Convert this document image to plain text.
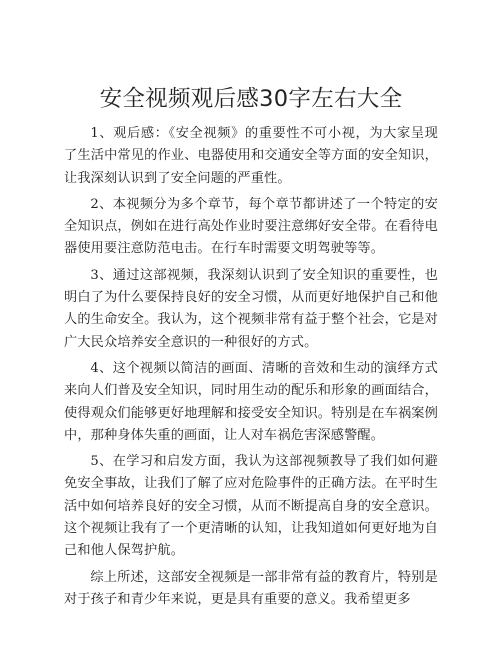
安全视频观后感30字左右大全

1、观后感：《安全视频》的重要性不可小视，为大家呈现了生活中常见的作业、电器使用和交通安全等方面的安全知识，让我深刻认识到了安全问题的严重性。

2、本视频分为多个章节，每个章节都讲述了一个特定的安全知识点，例如在进行高处作业时要注意绑好安全带。在看待电器使用要注意防范电击。在行车时需要文明驾驶等等。

3、通过这部视频，我深刻认识到了安全知识的重要性，也明白了为什么要保持良好的安全习惯，从而更好地保护自己和他人的生命安全。我认为，这个视频非常有益于整个社会，它是对广大民众培养安全意识的一种很好的方式。

4、这个视频以简洁的画面、清晰的音效和生动的演绎方式来向人们普及安全知识，同时用生动的配乐和形象的画面结合，使得观众们能够更好地理解和接受安全知识。特别是在车祸案例中，那种身体失重的画面，让人对车祸危害深感警醒。

5、在学习和启发方面，我认为这部视频教导了我们如何避免安全事故，让我们了解了应对危险事件的正确方法。在平时生活中如何培养良好的安全习惯，从而不断提高自身的安全意识。这个视频让我有了一个更清晰的认知，让我知道如何更好地为自己和他人保驾护航。

综上所述，这部安全视频是一部非常有益的教育片，特别是对于孩子和青少年来说，更是具有重要的意义。我希望更多
